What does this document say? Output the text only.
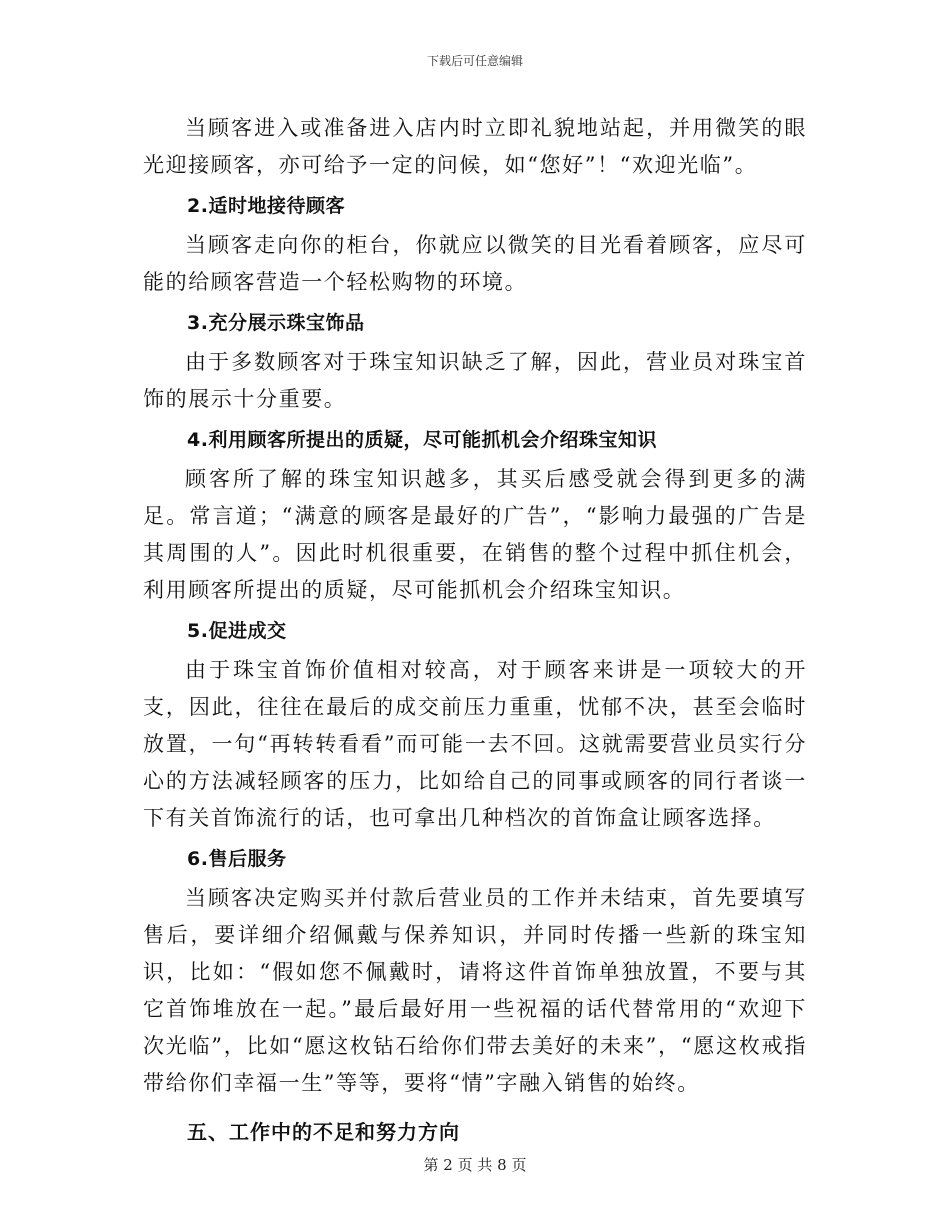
下载后可任意编辑

当顾客进入或准备进入店内时立即礼貌地站起，并用微笑的眼光迎接顾客，亦可给予一定的问候，如“您好”！“欢迎光临”。

2.适时地接待顾客

当顾客走向你的柜台，你就应以微笑的目光看着顾客，应尽可能的给顾客营造一个轻松购物的环境。

3.充分展示珠宝饰品

由于多数顾客对于珠宝知识缺乏了解，因此，营业员对珠宝首饰的展示十分重要。

4.利用顾客所提出的质疑，尽可能抓机会介绍珠宝知识

顾客所了解的珠宝知识越多，其买后感受就会得到更多的满足。常言道；“满意的顾客是最好的广告”，“影响力最强的广告是其周围的人”。因此时机很重要，在销售的整个过程中抓住机会，利用顾客所提出的质疑，尽可能抓机会介绍珠宝知识。

5.促进成交

由于珠宝首饰价值相对较高，对于顾客来讲是一项较大的开支，因此，往往在最后的成交前压力重重，忧郁不决，甚至会临时放置，一句“再转转看看”而可能一去不回。这就需要营业员实行分心的方法减轻顾客的压力，比如给自己的同事或顾客的同行者谈一下有关首饰流行的话，也可拿出几种档次的首饰盒让顾客选择。

6.售后服务

当顾客决定购买并付款后营业员的工作并未结束，首先要填写售后，要详细介绍佩戴与保养知识，并同时传播一些新的珠宝知识，比如：“假如您不佩戴时，请将这件首饰单独放置，不要与其它首饰堆放在一起。”最后最好用一些祝福的话代替常用的“欢迎下次光临”，比如“愿这枚钻石给你们带去美好的未来”，“愿这枚戒指带给你们幸福一生”等等，要将“情”字融入销售的始终。

五、工作中的不足和努力方向
第 2 页 共 8 页
